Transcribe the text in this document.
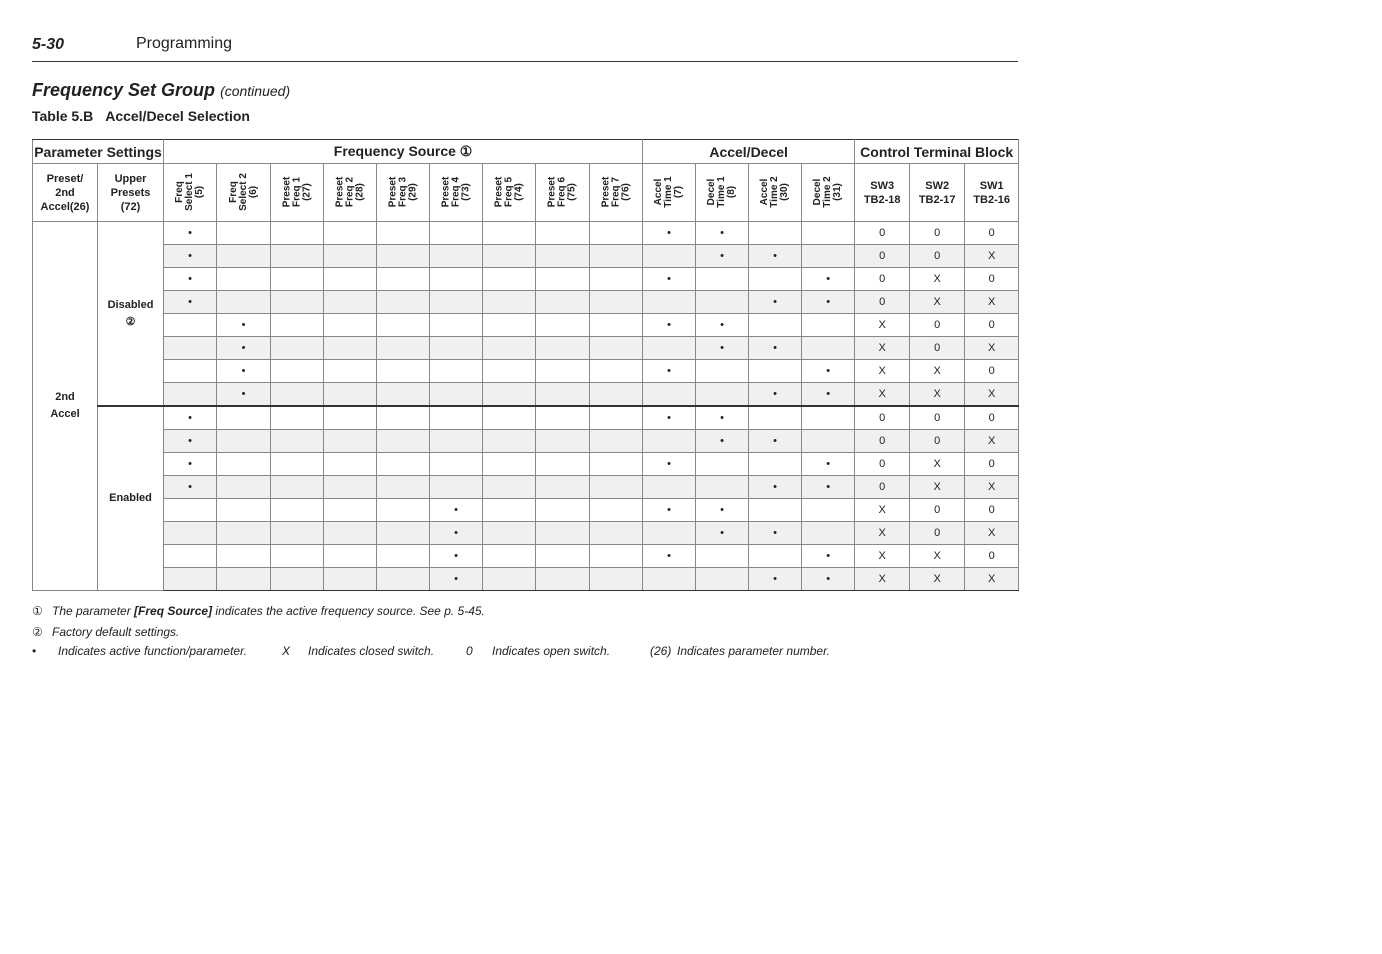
5-30	Programming
Frequency Set Group (continued)
Table 5.B Accel/Decel Selection
Parameter Settings		Frequency Source ①									Accel/Decel				Control Terminal Block		
Preset/
2nd
Accel(26)	Upper
Presets
(72)	Freq
Select 1
(5)	Freq
Select 2
(6)	Preset
Freq 1
(27)	Preset
Freq 2
(28)	Preset
Freq 3
(29)	Preset
Freq 4
(73)	Preset
Freq 5
(74)	Preset
Freq 6
(75)	Preset
Freq 7
(76)	Accel
Time 1
(7)	Decel
Time 1
(8)	Accel
Time 2
(30)	Decel
Time 2
(31)	SW3
TB2-18	SW2
TB2-17	SW1
TB2-16
2nd
Accel	Disabled
②	•									•	•			0	0	0
		•										•	•		0	0	X
		•									•			•	0	X	0
		•											•	•	0	X	X
			•								•	•			X	0	0
			•									•	•		X	0	X
			•								•			•	X	X	0
			•										•	•	X	X	X
	Enabled	•									•	•			0	0	0
		•										•	•		0	0	X
		•									•			•	0	X	0
		•											•	•	0	X	X
							•				•	•			X	0	0
							•					•	•		X	0	X
							•				•			•	X	X	0
							•						•	•	X	X	X
① The parameter [Freq Source] indicates the active frequency source. See p. 5-45.
② Factory default settings.
• Indicates active function/parameter.	X Indicates closed switch.	0 Indicates open switch.	(26) Indicates parameter number.
